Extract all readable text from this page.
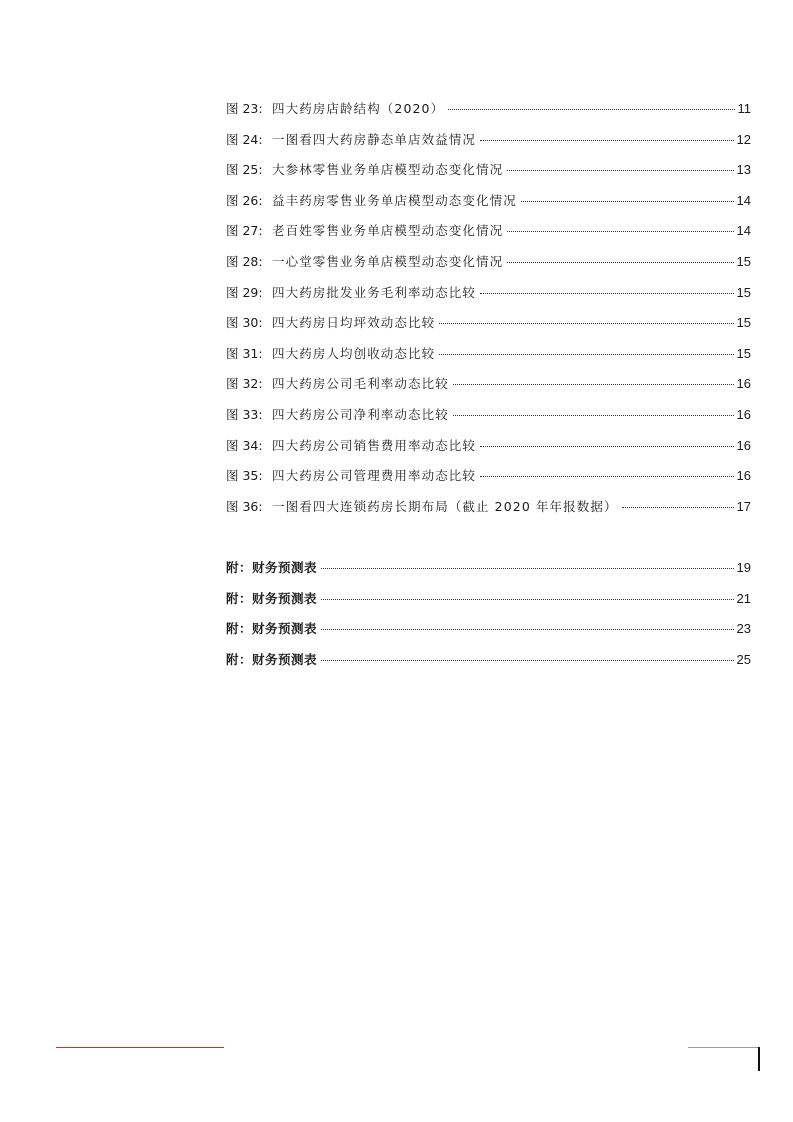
图 23: 四大药房店龄结构（2020）	11
图 24: 一图看四大药房静态单店效益情况	12
图 25: 大参林零售业务单店模型动态变化情况	13
图 26: 益丰药房零售业务单店模型动态变化情况	14
图 27: 老百姓零售业务单店模型动态变化情况	14
图 28: 一心堂零售业务单店模型动态变化情况	15
图 29: 四大药房批发业务毛利率动态比较	15
图 30: 四大药房日均坪效动态比较	15
图 31: 四大药房人均创收动态比较	15
图 32: 四大药房公司毛利率动态比较	16
图 33: 四大药房公司净利率动态比较	16
图 34: 四大药房公司销售费用率动态比较	16
图 35: 四大药房公司管理费用率动态比较	16
图 36: 一图看四大连锁药房长期布局（截止 2020 年年报数据）	17
附：财务预测表	19
附：财务预测表	21
附：财务预测表	23
附：财务预测表	25
